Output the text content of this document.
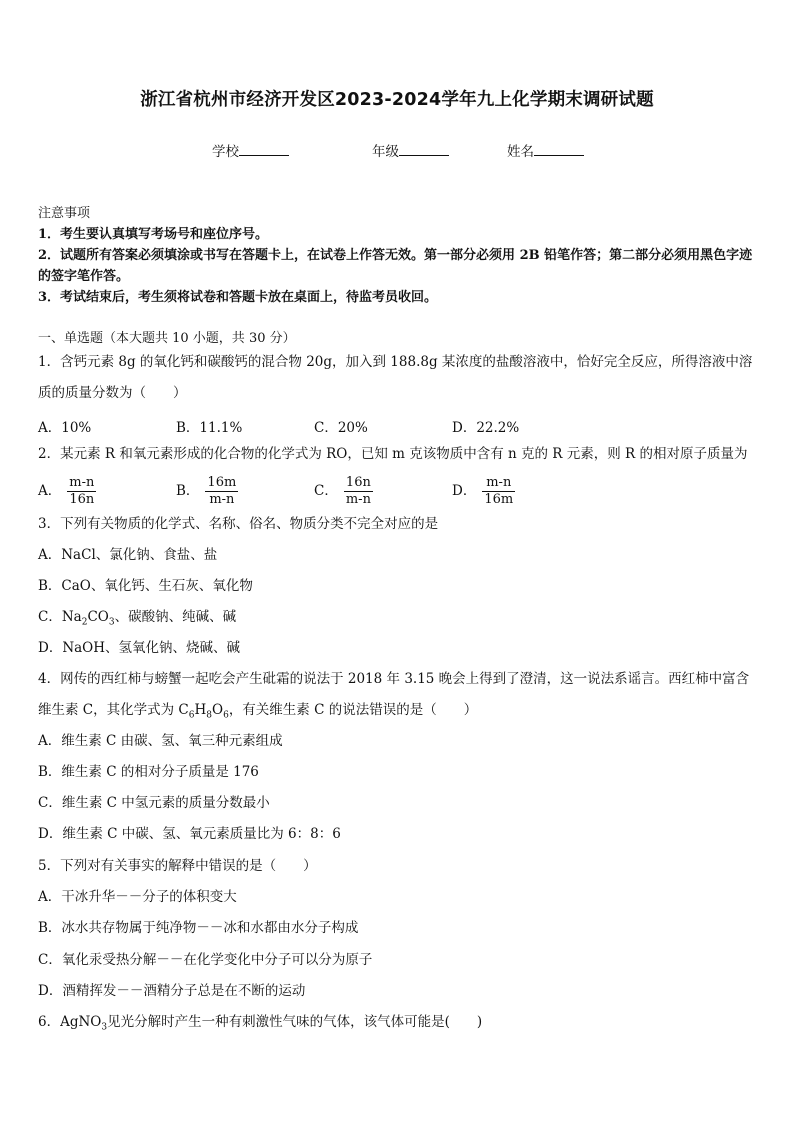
浙江省杭州市经济开发区2023-2024学年九上化学期末调研试题
学校	年级	姓名
注意事项
1．考生要认真填写考场号和座位序号。
2．试题所有答案必须填涂或书写在答题卡上，在试卷上作答无效。第一部分必须用 2B 铅笔作答；第二部分必须用黑色字迹的签字笔作答。
3．考试结束后，考生须将试卷和答题卡放在桌面上，待监考员收回。
一、单选题（本大题共 10 小题，共 30 分）
1．含钙元素 8g 的氧化钙和碳酸钙的混合物 20g，加入到 188.8g 某浓度的盐酸溶液中，恰好完全反应，所得溶液中溶质的质量分数为（　　）
A．10%	B．11.1%	C．20%	D．22.2%
2．某元素 R 和氧元素形成的化合物的化学式为 RO，已知 m 克该物质中含有 n 克的 R 元素，则 R 的相对原子质量为
A． $\frac{m-n}{16n}$	B． $\frac{16m}{m-n}$	C． $\frac{16n}{m-n}$	D． $\frac{m-n}{16m}$
3．下列有关物质的化学式、名称、俗名、物质分类不完全对应的是
A．NaCl、氯化钠、食盐、盐
B．CaO、氧化钙、生石灰、氧化物
C．$Na_2CO_3$、碳酸钠、纯碱、碱
D．NaOH、氢氧化钠、烧碱、碱
4．网传的西红柿与螃蟹一起吃会产生砒霜的说法于 2018 年 3.15 晚会上得到了澄清，这一说法系谣言。西红柿中富含
维生素 C，其化学式为 $C_6H_8O_6$，有关维生素 C 的说法错误的是（　　）
A．维生素 C 由碳、氢、氧三种元素组成
B．维生素 C 的相对分子质量是 176
C．维生素 C 中氢元素的质量分数最小
D．维生素 C 中碳、氢、氧元素质量比为 6：8：6
5．下列对有关事实的解释中错误的是（　　）
A．干冰升华－－分子的体积变大
B．冰水共存物属于纯净物－－冰和水都由水分子构成
C．氧化汞受热分解－－在化学变化中分子可以分为原子
D．酒精挥发－－酒精分子总是在不断的运动
6．AgNO$_3$见光分解时产生一种有刺激性气味的气体，该气体可能是(　　)
